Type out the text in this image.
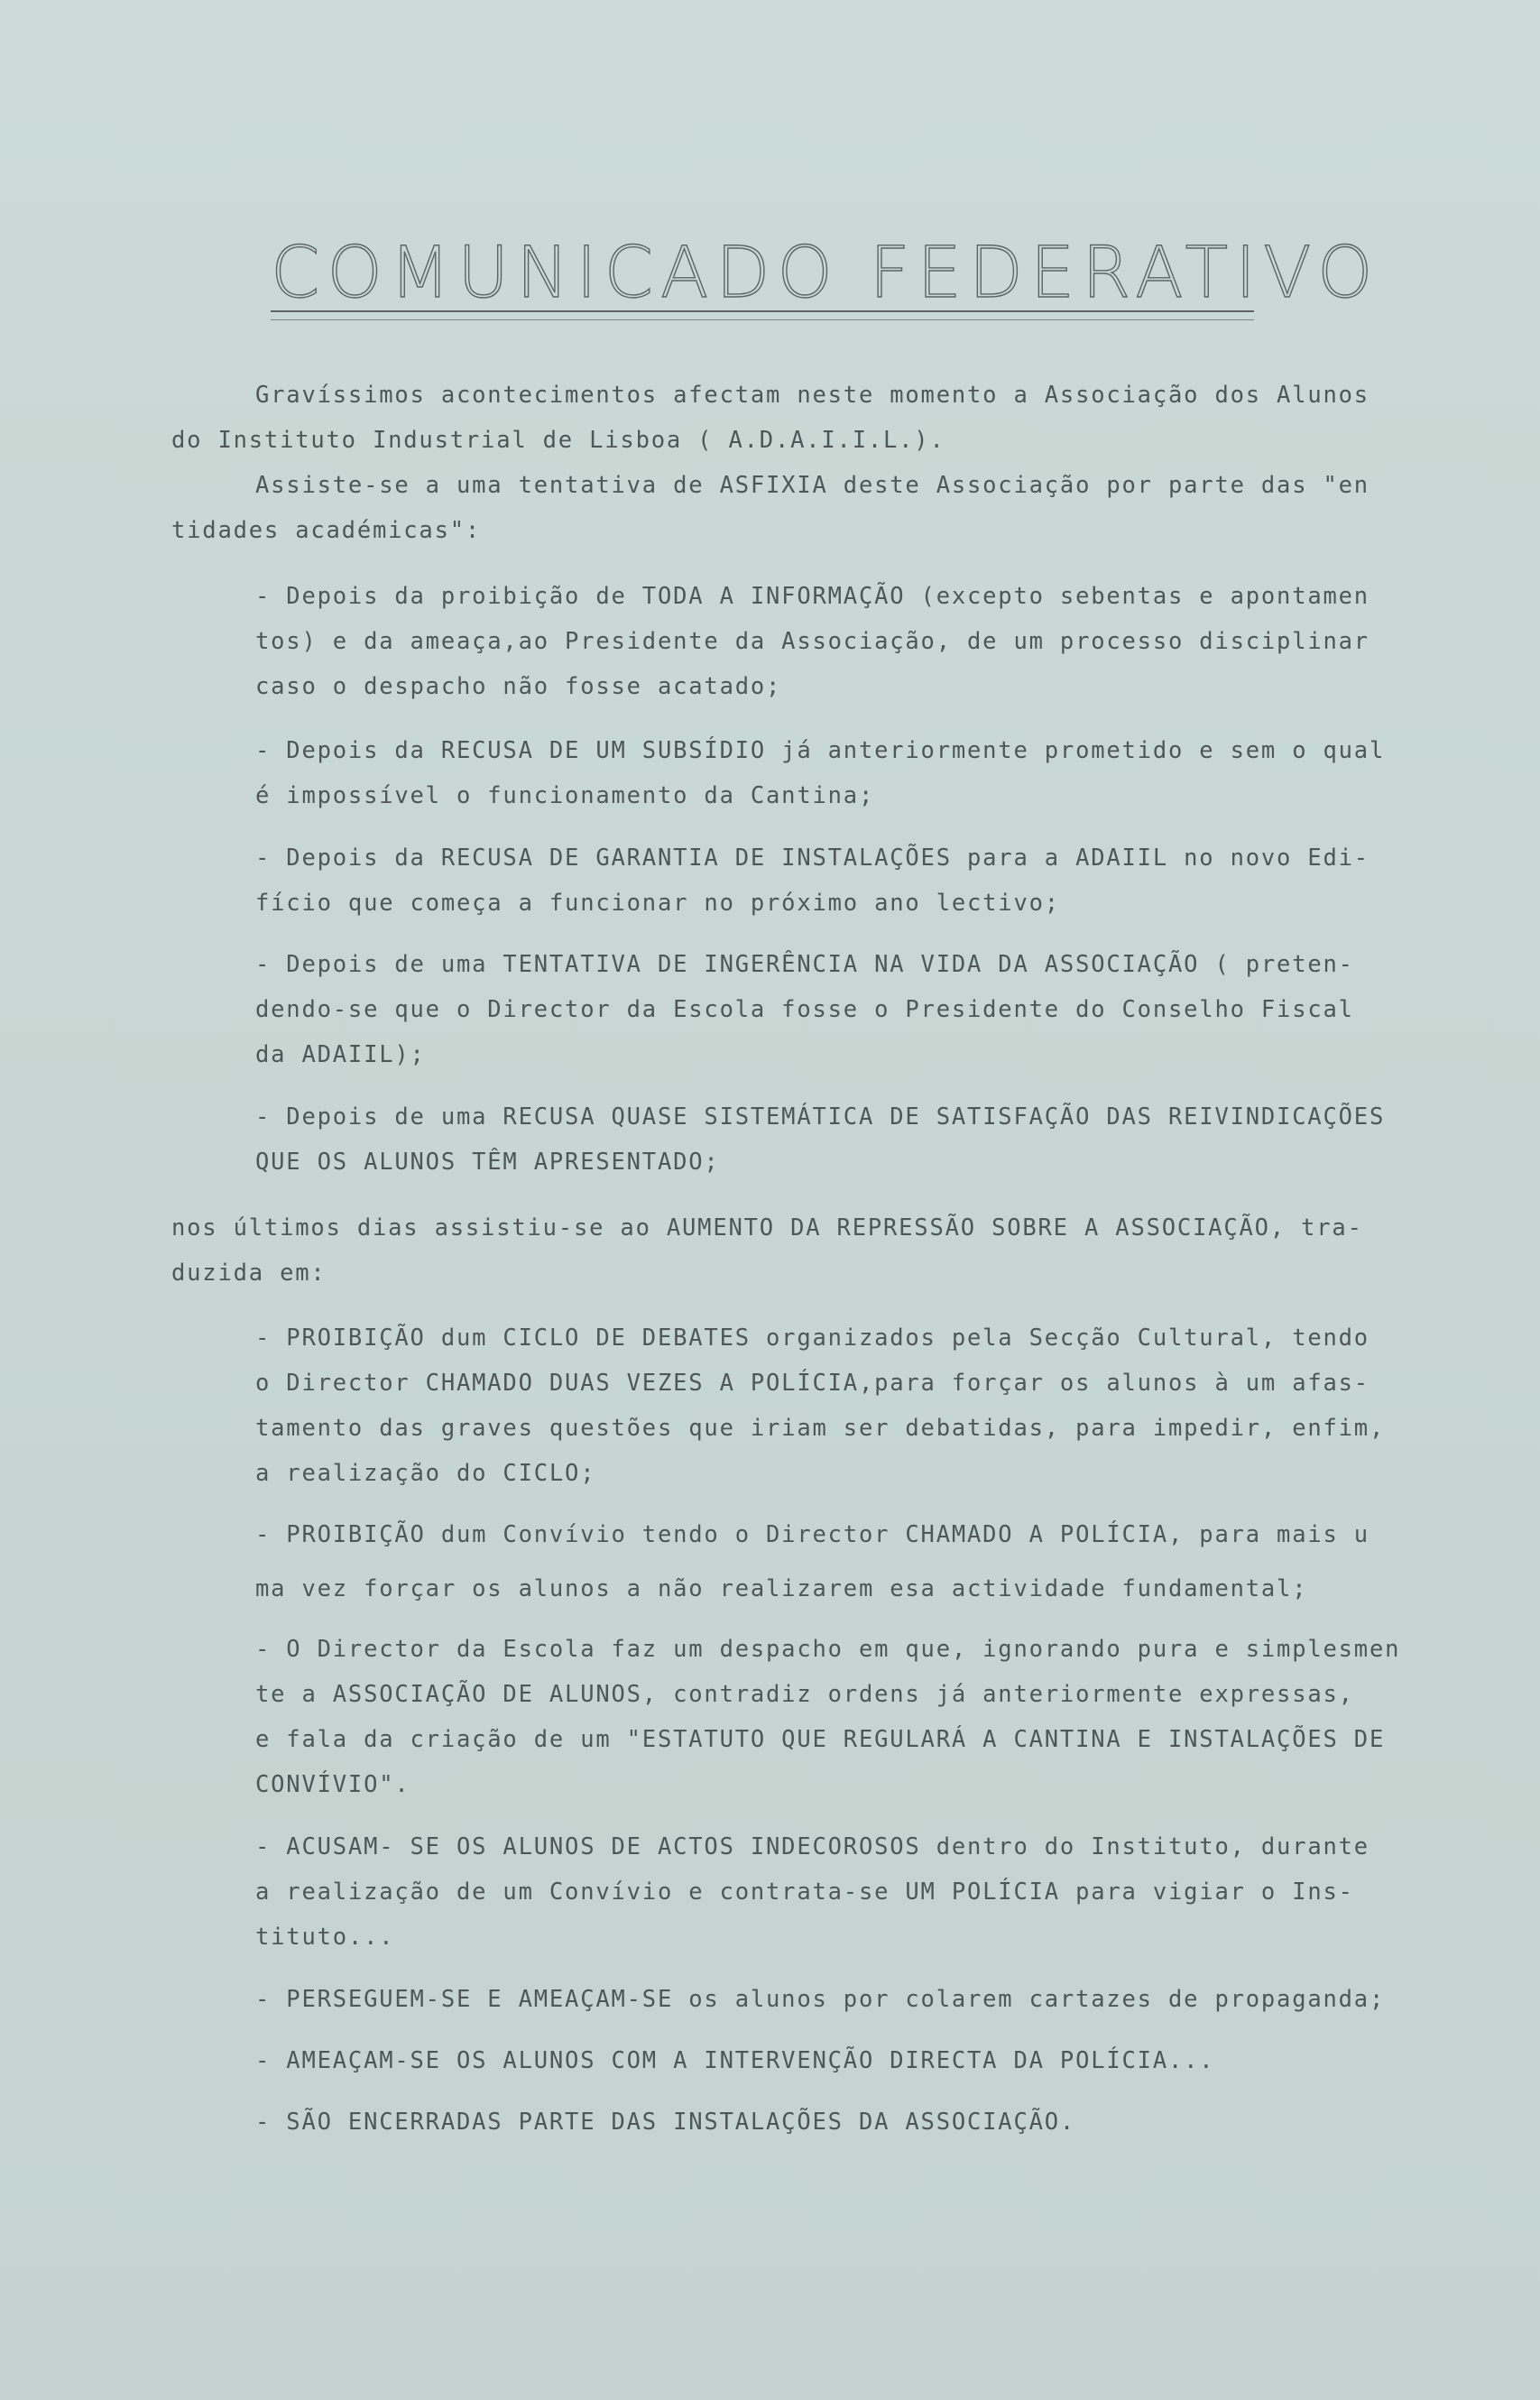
COMUNICADO FEDERATIVO
Gravíssimos acontecimentos afectam neste momento a Associação dos Alunos
do Instituto Industrial de Lisboa ( A.D.A.I.I.L.).
Assiste-se a uma tentativa de ASFIXIA deste Associação por parte das "en
tidades académicas":
- Depois da proibição de TODA A INFORMAÇÃO (excepto sebentas e apontamen
tos) e da ameaça,ao Presidente da Associação, de um processo disciplinar
caso o despacho não fosse acatado;
- Depois da RECUSA DE UM SUBSÍDIO já anteriormente prometido e sem o qual
é impossível o funcionamento da Cantina;
- Depois da RECUSA DE GARANTIA DE INSTALAÇÕES para a ADAIIL no novo Edi-
fício que começa a funcionar no próximo ano lectivo;
- Depois de uma TENTATIVA DE INGERÊNCIA NA VIDA DA ASSOCIAÇÃO ( preten-
dendo-se que o Director da Escola fosse o Presidente do Conselho Fiscal
da ADAIIL);
- Depois de uma RECUSA QUASE SISTEMÁTICA DE SATISFAÇÃO DAS REIVINDICAÇÕES
QUE OS ALUNOS TÊM APRESENTADO;
nos últimos dias assistiu-se ao AUMENTO DA REPRESSÃO SOBRE A ASSOCIAÇÃO, tra-
duzida em:
- PROIBIÇÃO dum CICLO DE DEBATES organizados pela Secção Cultural, tendo
o Director CHAMADO DUAS VEZES A POLÍCIA,para forçar os alunos à um afas-
tamento das graves questões que iriam ser debatidas, para impedir, enfim,
a realização do CICLO;
- PROIBIÇÃO dum Convívio tendo o Director CHAMADO A POLÍCIA, para mais u
ma vez forçar os alunos a não realizarem esa actividade fundamental;
- O Director da Escola faz um despacho em que, ignorando pura e simplesmen
te a ASSOCIAÇÃO DE ALUNOS, contradiz ordens já anteriormente expressas,
e fala da criação de um "ESTATUTO QUE REGULARÁ A CANTINA E INSTALAÇÕES DE
CONVÍVIO".
- ACUSAM- SE OS ALUNOS DE ACTOS INDECOROSOS dentro do Instituto, durante
a realização de um Convívio e contrata-se UM POLÍCIA para vigiar o Ins-
tituto...
- PERSEGUEM-SE E AMEAÇAM-SE os alunos por colarem cartazes de propaganda;
- AMEAÇAM-SE OS ALUNOS COM A INTERVENÇÃO DIRECTA DA POLÍCIA...
- SÃO ENCERRADAS PARTE DAS INSTALAÇÕES DA ASSOCIAÇÃO.
